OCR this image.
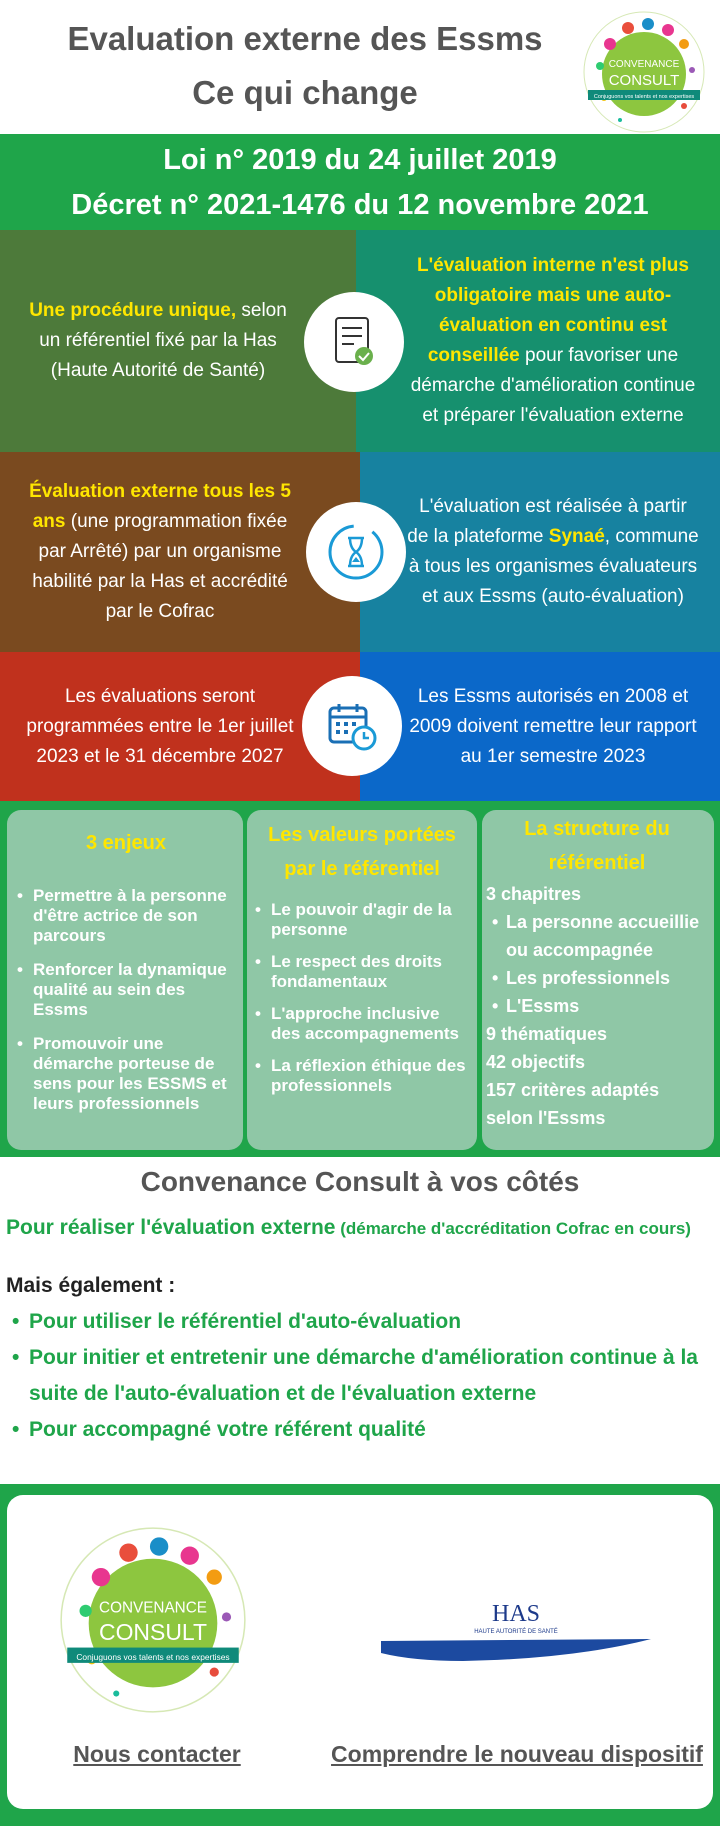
Evaluation externe des Essms
Ce qui change
CONVENANCE
CONSULT
Conjuguons vos talents et nos expertises
Loi n° 2019 du 24 juillet 2019
Décret n° 2021-1476 du 12 novembre 2021
Une procédure unique, selon un référentiel fixé par la Has (Haute Autorité de Santé)
L'évaluation interne n'est plus obligatoire mais une auto-évaluation en continu est conseillée pour favoriser une démarche d'amélioration continue et préparer l'évaluation externe
Évaluation externe tous les 5 ans (une programmation fixée par Arrêté) par un organisme habilité par la Has et accrédité par le Cofrac
L'évaluation est réalisée à partir de la plateforme Synaé, commune à tous les organismes évaluateurs et aux Essms (auto-évaluation)
Les évaluations seront programmées entre le 1er juillet 2023 et le 31 décembre 2027
Les Essms autorisés en 2008 et 2009 doivent remettre leur rapport au 1er semestre 2023
3 enjeux
• Permettre à la personne d'être actrice de son parcours
• Renforcer la dynamique qualité au sein des Essms
• Promouvoir une démarche porteuse de sens pour les ESSMS et leurs professionnels
Les valeurs portées par le référentiel
• Le pouvoir d'agir de la personne
• Le respect des droits fondamentaux
• L'approche inclusive des accompagnements
• La réflexion éthique des professionnels
La structure du référentiel
3 chapitres
• La personne accueillie ou accompagnée
• Les professionnels
• L'Essms
9 thématiques
42 objectifs
157 critères adaptés selon l'Essms
Convenance Consult à vos côtés
Pour réaliser l'évaluation externe (démarche d'accréditation Cofrac en cours)
Mais également :
• Pour utiliser le référentiel d'auto-évaluation
• Pour initier et entretenir une démarche d'amélioration continue à la suite de l'auto-évaluation et de l'évaluation externe
• Pour accompagné votre référent qualité
CONVENANCE
CONSULT
Conjuguons vos talents et nos expertises
HAS
HAUTE AUTORITÉ DE SANTÉ
Nous contacter	Comprendre le nouveau dispositif
